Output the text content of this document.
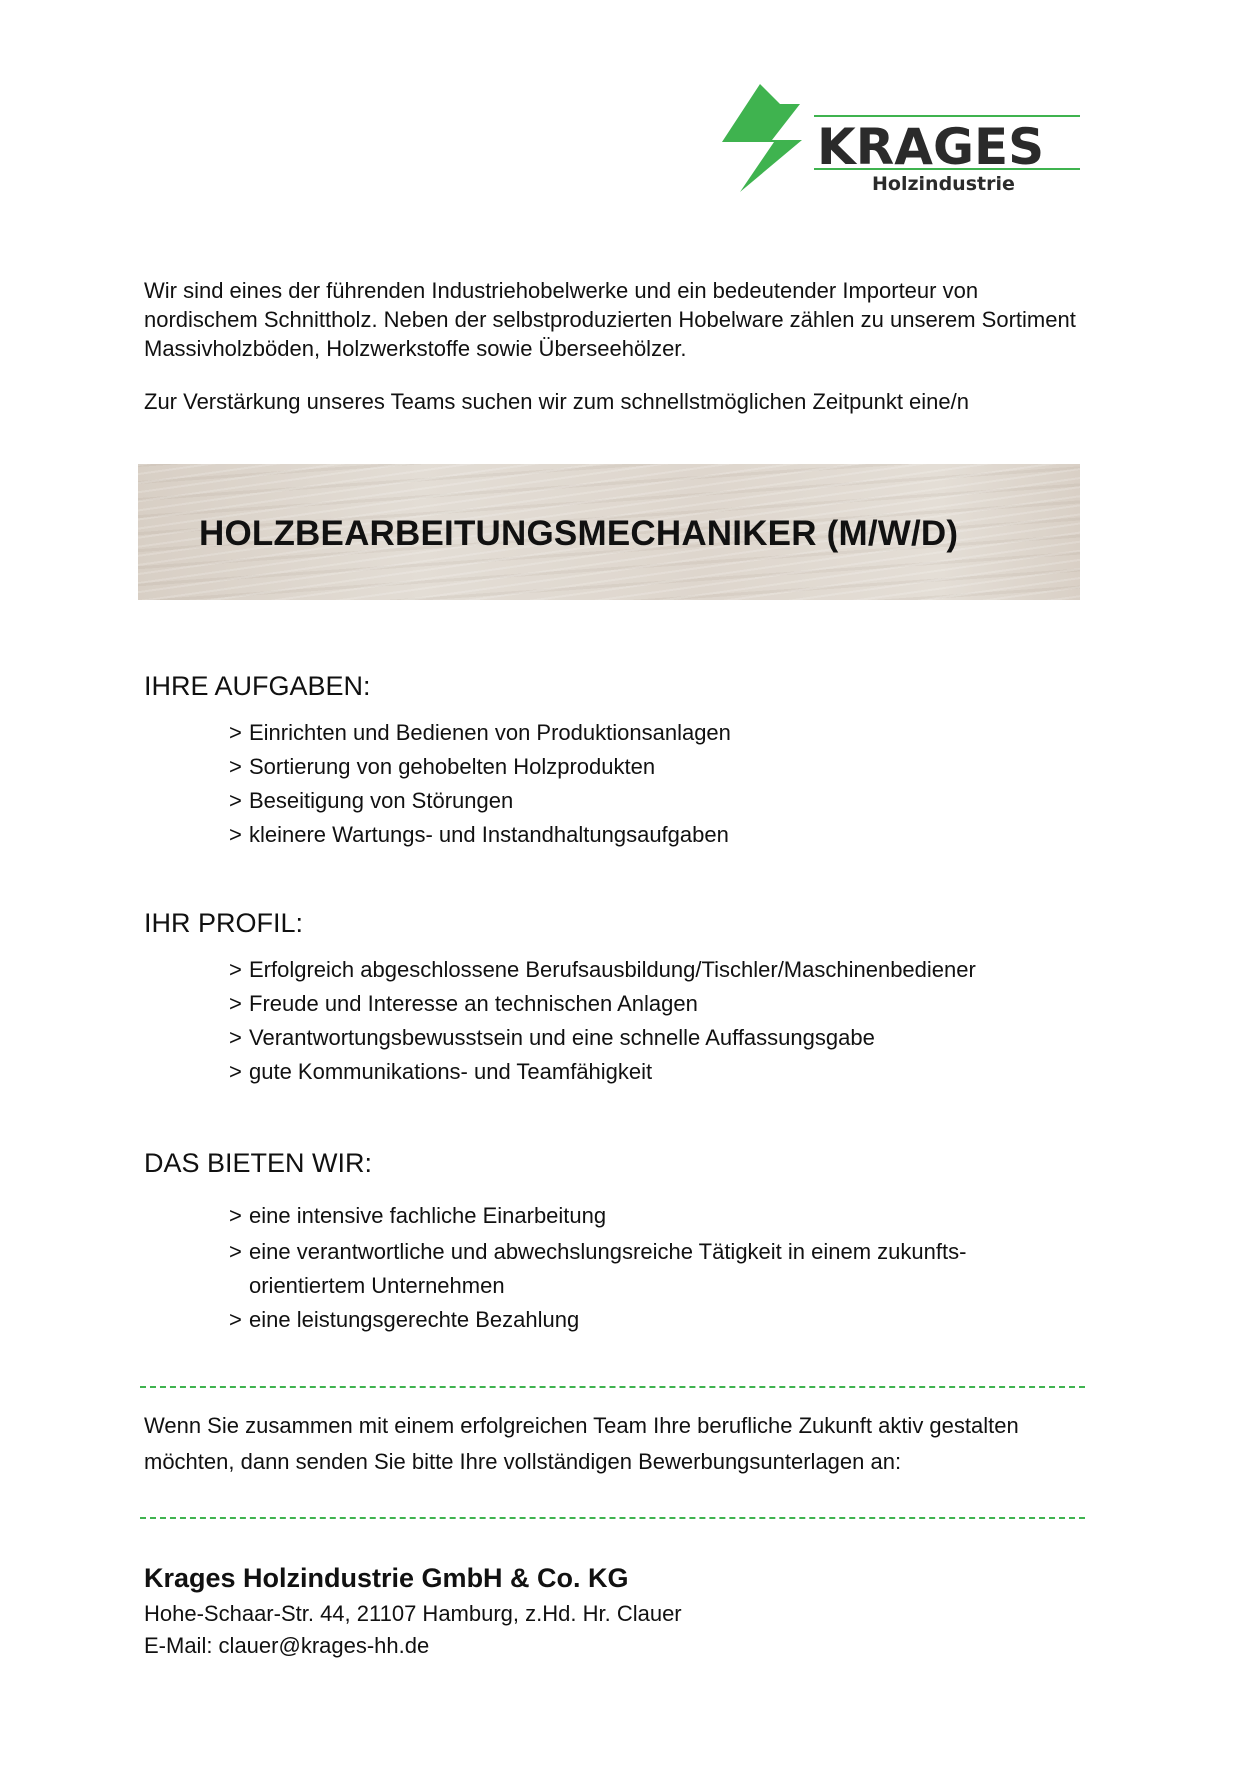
KRAGES
Holzindustrie

Wir sind eines der führenden Industriehobelwerke und ein bedeutender Importeur von nordischem Schnittholz. Neben der selbstproduzierten Hobelware zählen zu unserem Sortiment Massivholzböden, Holzwerkstoffe sowie Überseehölzer.

Zur Verstärkung unseres Teams suchen wir zum schnellstmöglichen Zeitpunkt eine/n

HOLZBEARBEITUNGSMECHANIKER (M/W/D)
IHRE AUFGABEN:
> Einrichten und Bedienen von Produktionsanlagen
> Sortierung von gehobelten Holzprodukten
> Beseitigung von Störungen
> kleinere Wartungs- und Instandhaltungsaufgaben
IHR PROFIL:
> Erfolgreich abgeschlossene Berufsausbildung/Tischler/Maschinenbediener
> Freude und Interesse an technischen Anlagen
> Verantwortungsbewusstsein und eine schnelle Auffassungsgabe
> gute Kommunikations- und Teamfähigkeit
DAS BIETEN WIR:
> eine intensive fachliche Einarbeitung
> eine verantwortliche und abwechslungsreiche Tätigkeit in einem zukunfts- orientiertem Unternehmen
> eine leistungsgerechte Bezahlung

Wenn Sie zusammen mit einem erfolgreichen Team Ihre berufliche Zukunft aktiv gestalten möchten, dann senden Sie bitte Ihre vollständigen Bewerbungsunterlagen an:

Krages Holzindustrie GmbH & Co. KG

Hohe-Schaar-Str. 44, 21107 Hamburg, z.Hd. Hr. Clauer

E-Mail: clauer@krages-hh.de
